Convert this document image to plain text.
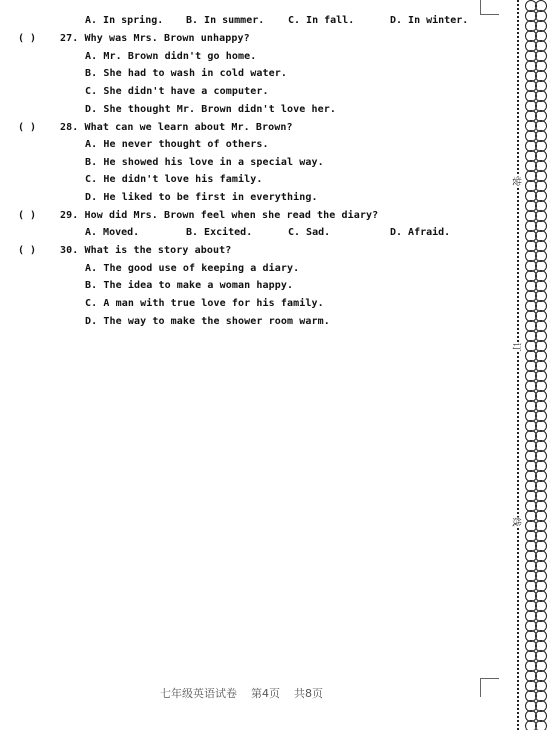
A. In spring. B. In summer. C. In fall.	D. In winter.
( ) 27. Why was Mrs. Brown unhappy?
A. Mr. Brown didn't go home.
B. She had to wash in cold water.
C. She didn't have a computer.
D. She thought Mr. Brown didn't love her.
( ) 28. What can we learn about Mr. Brown?
A. He never thought of others.
B. He showed his love in a special way.
C. He didn't love his family.
D. He liked to be first in everything.
( ) 29. How did Mrs. Brown feel when she read the diary?
A. Moved.	B. Excited.	C. Sad.	D. Afraid.
( ) 30. What is the story about?
A. The good use of keeping a diary.
B. The idea to make a woman happy.
C. A man with true love for his family.
D. The way to make the shower room warm.
装
订
线
七年级英语试卷    第4页    共8页
